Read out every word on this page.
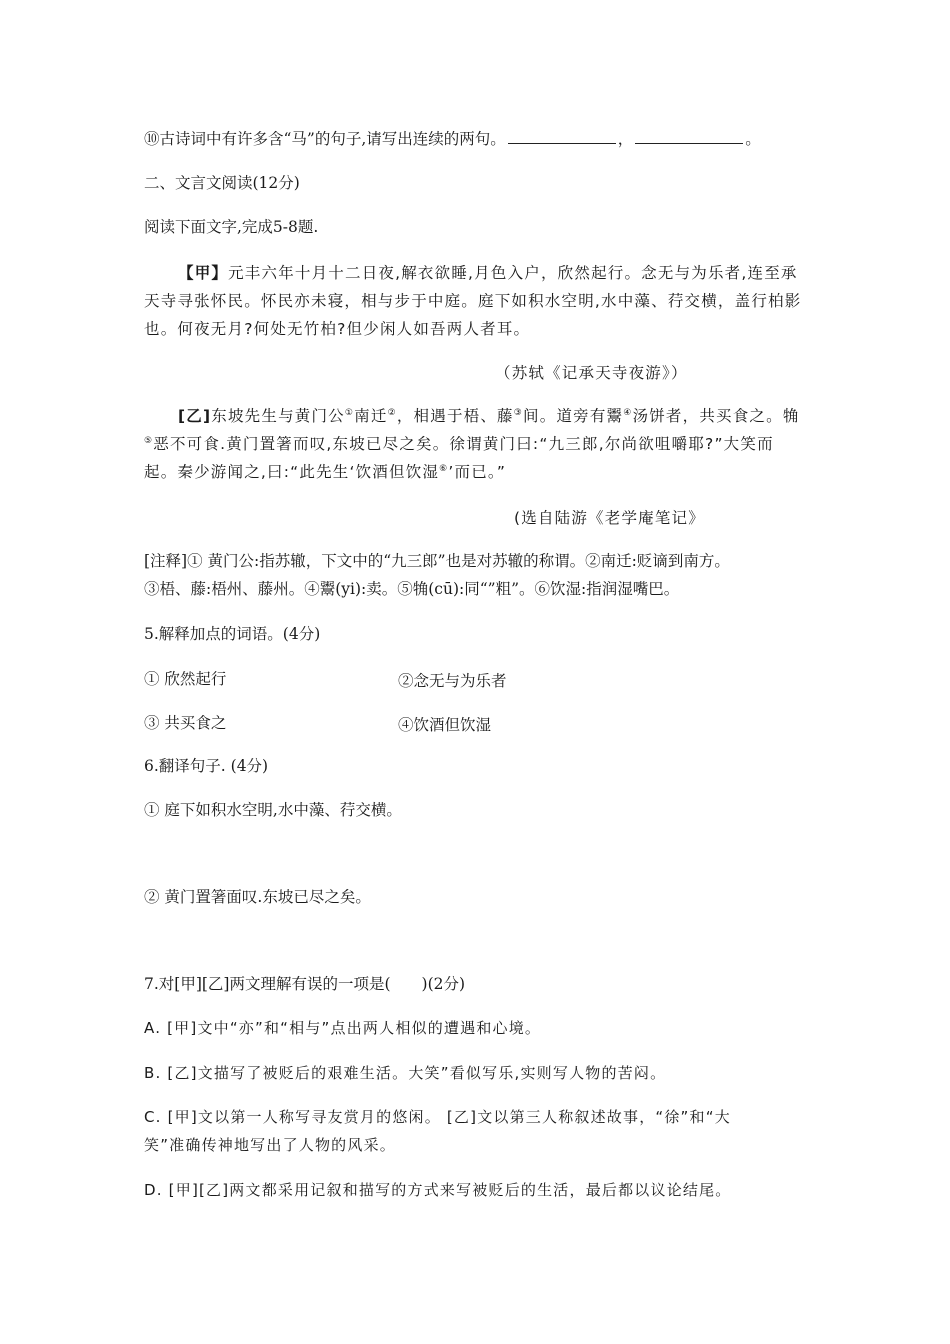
⑩古诗词中有许多含“马”的句子,请写出连续的两句。	，	。
二、文言文阅读(12分)
阅读下面文字,完成5-8题.
【甲】元丰六年十月十二日夜,解衣欲睡,月色入户，欣然起行。念无与为乐者,连至承
天寺寻张怀民。怀民亦未寝，相与步于中庭。庭下如积水空明,水中藻、荇交横，盖行柏影
也。何夜无月?何处无竹柏?但少闲人如吾两人者耳。
（苏轼《记承天寺夜游》）
[乙]东坡先生与黄门公①南迁②，相遇于梧、藤③间。道旁有鬻④汤饼者，共买食之。觕
⑤恶不可食.黄门置箸而叹,东坡已尽之矣。徐谓黄门曰:“九三郎,尔尚欲咀嚼耶?”大笑而
起。秦少游闻之,曰:“此先生‘饮酒但饮湿⑥’而已。”
(选自陆游《老学庵笔记》
[注释]① 黄门公:指苏辙，下文中的“九三郎”也是对苏辙的称谓。②南迁:贬谪到南方。
③梧、藤:梧州、藤州。④鬻(yi):卖。⑤觕(cū):同“”粗”。⑥饮湿:指润湿嘴巴。
5.解释加点的词语。(4分)
① 欣然起行	②念无与为乐者
③ 共买食之	④饮酒但饮湿
6.翻译句子. (4分)
① 庭下如积水空明,水中藻、荇交横。
② 黄门置箸面叹.东坡已尽之矣。
7.对[甲][乙]两文理解有误的一项是(　　)(2分)
A. [甲]文中“亦”和“相与”点出两人相似的遭遇和心境。
B. [乙]文描写了被贬后的艰难生活。大笑”看似写乐,实则写人物的苦闷。
C. [甲]文以第一人称写寻友赏月的悠闲。 [乙]文以第三人称叙述故事，“徐”和“大
笑”准确传神地写出了人物的风采。
D. [甲][乙]两文都采用记叙和描写的方式来写被贬后的生活，最后都以议论结尾。
